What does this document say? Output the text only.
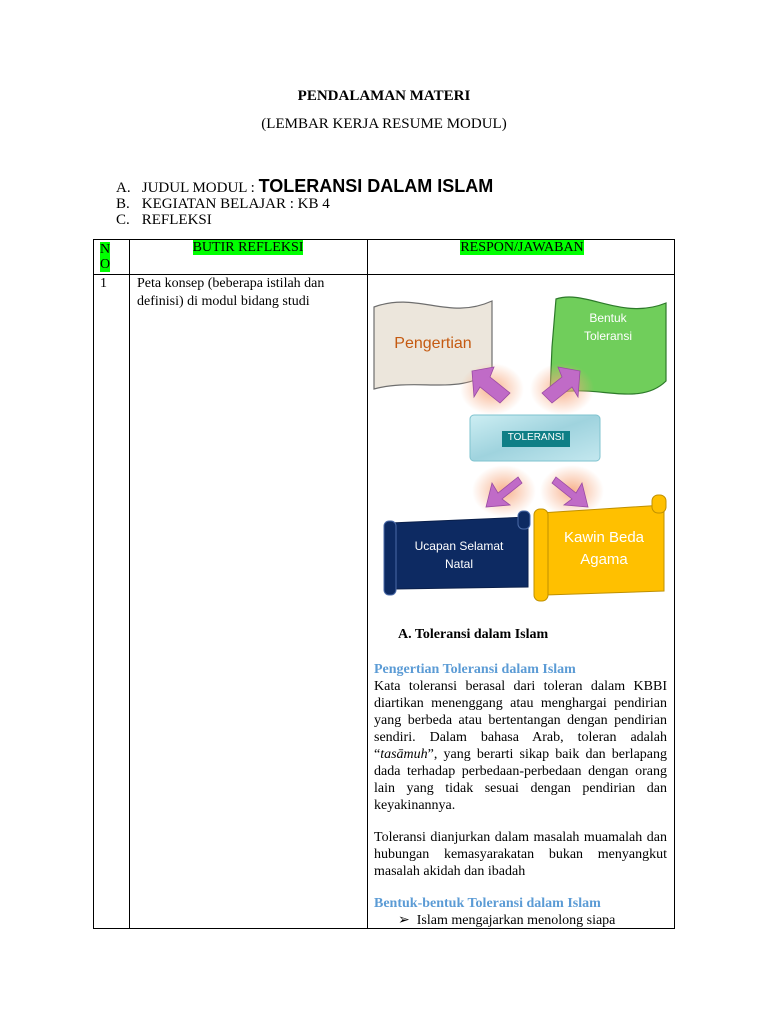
PENDALAMAN MATERI
(LEMBAR KERJA RESUME MODUL)
A. JUDUL MODUL : TOLERANSI DALAM ISLAM
B. KEGIATAN BELAJAR : KB 4
C. REFLEKSI
NO
BUTIR REFLEKSI	RESPON/JAWABAN
1 Peta konsep (beberapa istilah dan definisi) di modul bidang studi
Pengertian
Bentuk
Toleransi
TOLERANSI
Ucapan Selamat
Natal
Kawin Beda
Agama
A. Toleransi dalam Islam
Pengertian Toleransi dalam Islam
Kata toleransi berasal dari toleran dalam KBBI diartikan menenggang atau menghargai pendirian yang berbeda atau bertentangan dengan pendirian sendiri. Dalam bahasa Arab, toleran adalah “tasāmuh”, yang berarti sikap baik dan berlapang dada terhadap perbedaan-perbedaan dengan orang lain yang tidak sesuai dengan pendirian dan keyakinannya.
Toleransi dianjurkan dalam masalah muamalah dan hubungan kemasyarakatan bukan menyangkut masalah akidah dan ibadah
Bentuk-bentuk Toleransi dalam Islam
➢ Islam mengajarkan menolong siapa
